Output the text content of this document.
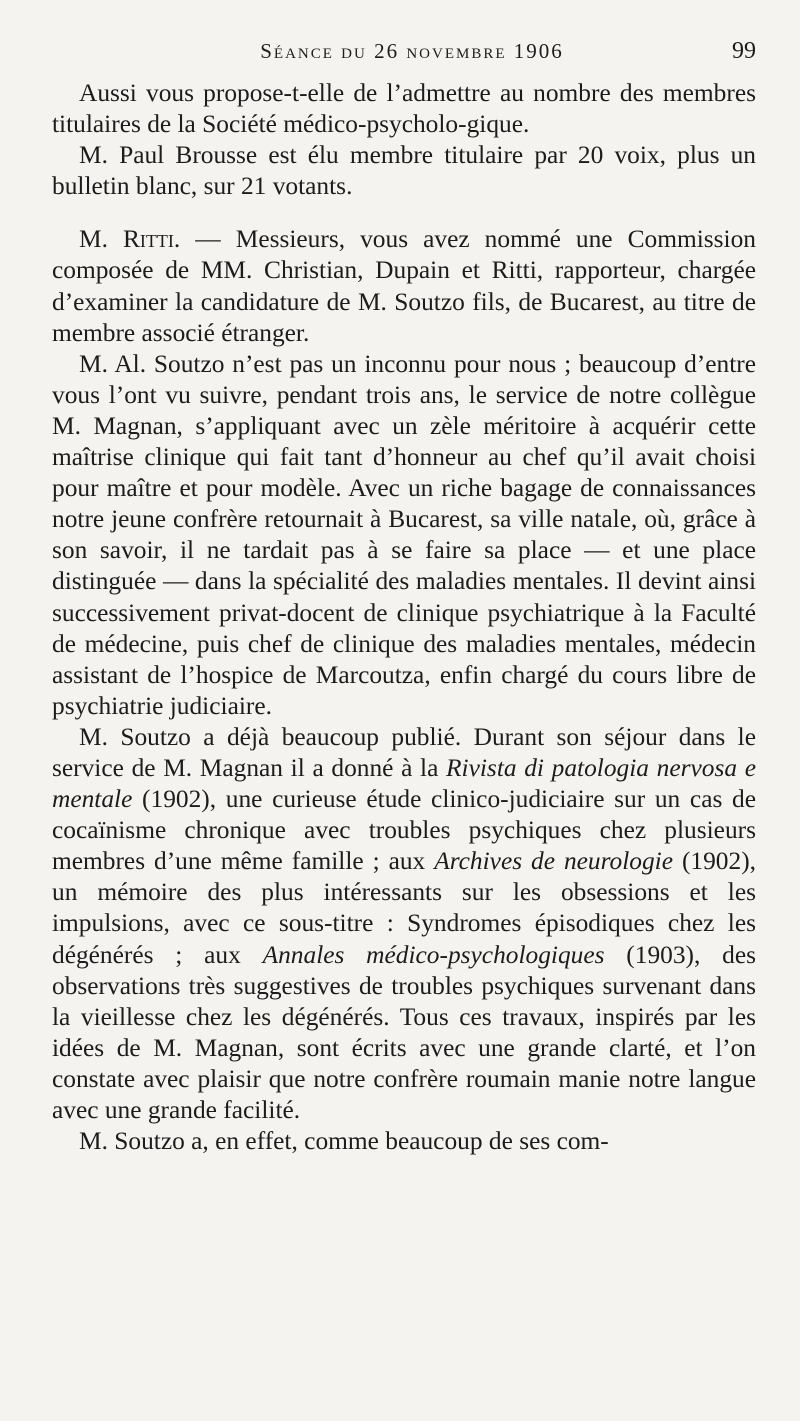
Séance du 26 novembre 1906	99

Aussi vous propose-t-elle de l’admettre au nombre des membres titulaires de la Société médico-psycholo-gique.

M. Paul Brousse est élu membre titulaire par 20 voix, plus un bulletin blanc, sur 21 votants.

M. Ritti. — Messieurs, vous avez nommé une Commission composée de MM. Christian, Dupain et Ritti, rapporteur, chargée d’examiner la candidature de M. Soutzo fils, de Bucarest, au titre de membre associé étranger.

M. Al. Soutzo n’est pas un inconnu pour nous ; beaucoup d’entre vous l’ont vu suivre, pendant trois ans, le service de notre collègue M. Magnan, s’appliquant avec un zèle méritoire à acquérir cette maîtrise clinique qui fait tant d’honneur au chef qu’il avait choisi pour maître et pour modèle. Avec un riche bagage de connaissances notre jeune confrère retournait à Bucarest, sa ville natale, où, grâce à son savoir, il ne tardait pas à se faire sa place — et une place distinguée — dans la spécialité des maladies mentales. Il devint ainsi successivement privat-docent de clinique psychiatrique à la Faculté de médecine, puis chef de clinique des maladies mentales, médecin assistant de l’hospice de Marcoutza, enfin chargé du cours libre de psychiatrie judiciaire.

M. Soutzo a déjà beaucoup publié. Durant son séjour dans le service de M. Magnan il a donné à la Rivista di patologia nervosa e mentale (1902), une curieuse étude clinico-judiciaire sur un cas de cocaïnisme chronique avec troubles psychiques chez plusieurs membres d’une même famille ; aux Archives de neurologie (1902), un mémoire des plus intéressants sur les obsessions et les impulsions, avec ce sous-titre : Syndromes épisodiques chez les dégénérés ; aux Annales médico-psychologiques (1903), des observations très suggestives de troubles psychiques survenant dans la vieillesse chez les dégénérés. Tous ces travaux, inspirés par les idées de M. Magnan, sont écrits avec une grande clarté, et l’on constate avec plaisir que notre confrère roumain manie notre langue avec une grande facilité.

M. Soutzo a, en effet, comme beaucoup de ses com-
